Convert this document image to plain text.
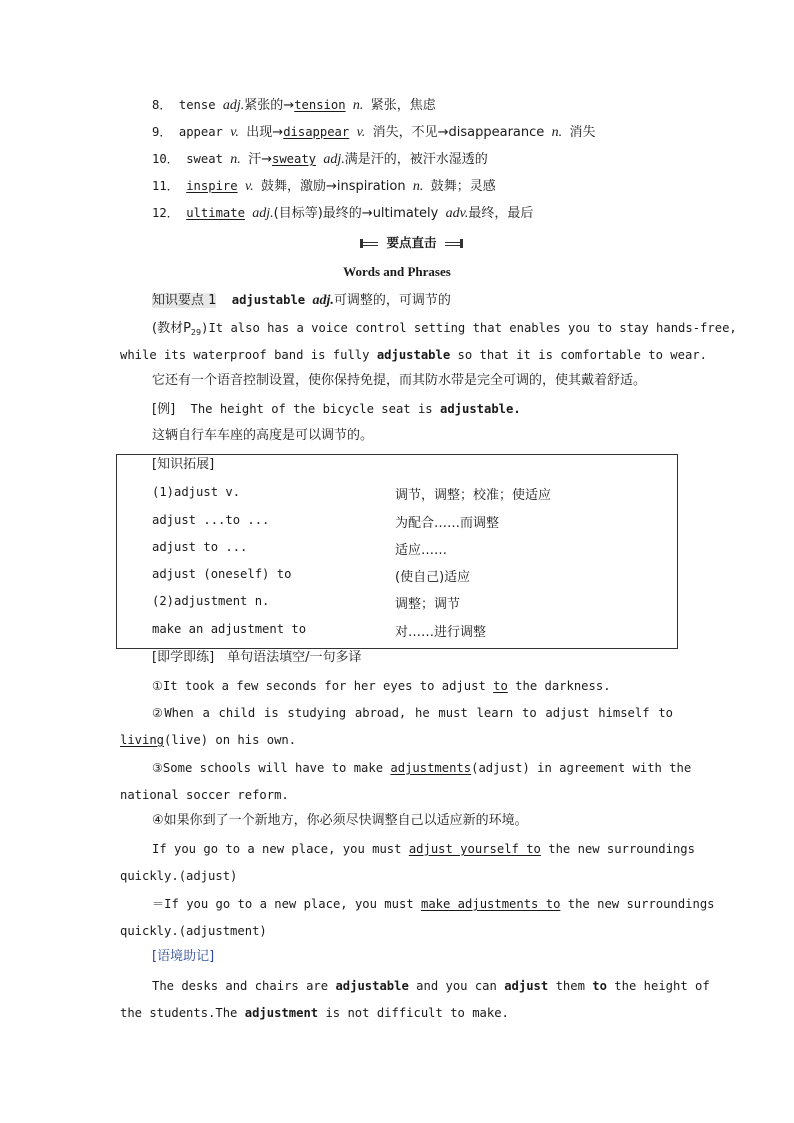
8． tense adj.紧张的→tension n. 紧张，焦虑
9． appear v. 出现→disappear v. 消失，不见→disappearance n. 消失
10． sweat n. 汗→sweaty adj.满是汗的，被汗水湿透的
11． inspire v. 鼓舞，激励→inspiration n. 鼓舞；灵感
12． ultimate adj.(目标等)最终的→ultimately adv.最终，最后
要点直击
Words and Phrases
知识要点 1 adjustable adj.可调整的，可调节的
(教材$P_{29})It$ also has a voice control setting that enables you to stay hands-free,
while its waterproof band is fully adjustable so that it is comfortable to wear.
它还有一个语音控制设置，使你保持免提，而其防水带是完全可调的，使其戴着舒适。
[例] The height of the bicycle seat is adjustable.
这辆自行车车座的高度是可以调节的。
[知识拓展]
(1)adjust v.	调节，调整；校准；使适应
adjust ...to ...	为配合……而调整
adjust to ...	适应……
adjust (oneself) to	(使自己)适应
(2)adjustment n.	调整；调节
make an adjustment to	对……进行调整
[即学即练]　单句语法填空/一句多译
①It took a few seconds for her eyes to adjust to the darkness.
②When a child is studying abroad, he must learn to adjust himself to
living(live) on his own.
③Some schools will have to make adjustments(adjust) in agreement with the
national soccer reform.
④如果你到了一个新地方，你必须尽快调整自己以适应新的环境。
If you go to a new place, you must adjust yourself to the new surroundings
quickly.(adjust)
＝If you go to a new place, you must make adjustments to the new surroundings
quickly.(adjustment)
[语境助记]
The desks and chairs are adjustable and you can adjust them to the height of
the students.The adjustment is not difficult to make.
